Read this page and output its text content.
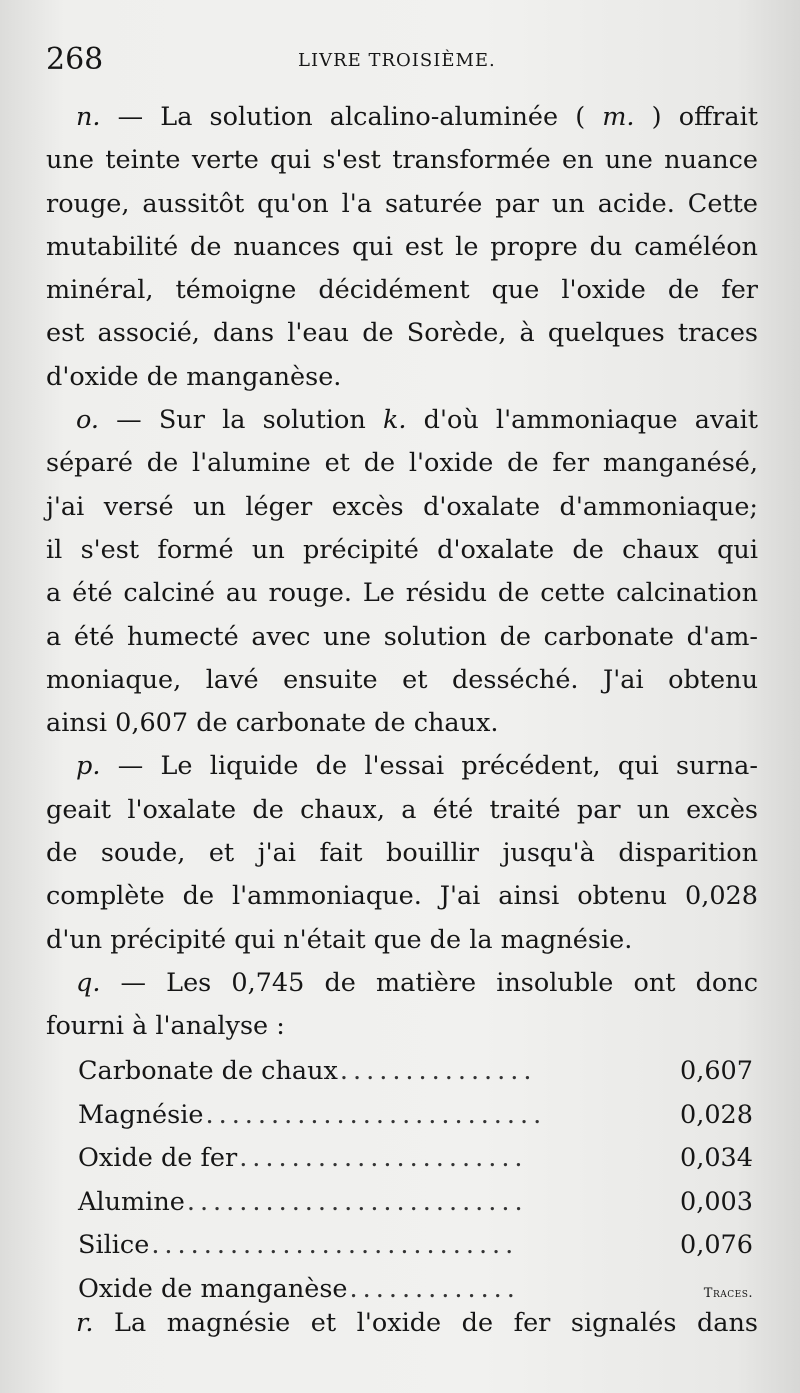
268	LIVRE TROISIÈME.
n. — La solution alcalino-aluminée ( m. ) offrait
une teinte verte qui s'est transformée en une nuance
rouge, aussitôt qu'on l'a saturée par un acide. Cette
mutabilité de nuances qui est le propre du caméléon
minéral, témoigne décidément que l'oxide de fer
est associé, dans l'eau de Sorède, à quelques traces
d'oxide de manganèse.
o. — Sur la solution k. d'où l'ammoniaque avait
séparé de l'alumine et de l'oxide de fer manganésé,
j'ai versé un léger excès d'oxalate d'ammoniaque;
il s'est formé un précipité d'oxalate de chaux qui
a été calciné au rouge. Le résidu de cette calcination
a été humecté avec une solution de carbonate d'am-
moniaque, lavé ensuite et desséché. J'ai obtenu
ainsi 0,607 de carbonate de chaux.
p. — Le liquide de l'essai précédent, qui surna-
geait l'oxalate de chaux, a été traité par un excès
de soude, et j'ai fait bouillir jusqu'à disparition
complète de l'ammoniaque. J'ai ainsi obtenu 0,028
d'un précipité qui n'était que de la magnésie.
q. — Les 0,745 de matière insoluble ont donc
fourni à l'analyse :
Carbonate de chaux ...............	0,607
Magnésie ..........................	0,028
Oxide de fer ......................	0,034
Alumine ..........................	0,003
Silice ............................	0,076
Oxide de manganèse .............	Traces.
r. La magnésie et l'oxide de fer signalés dans
